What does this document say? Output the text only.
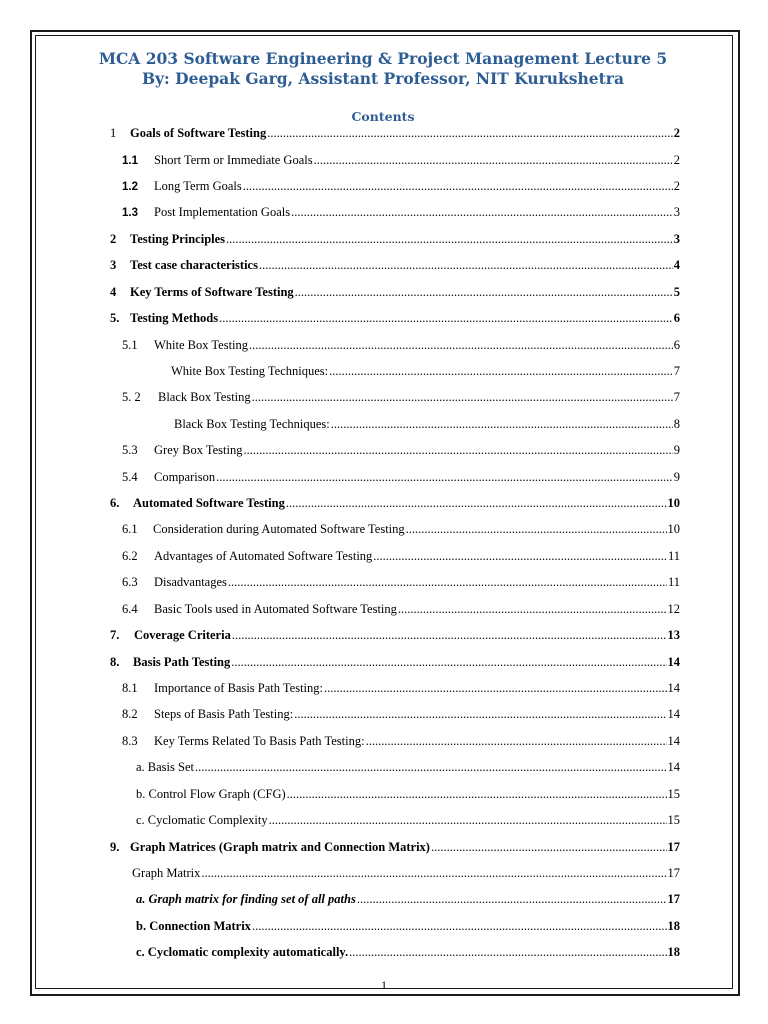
MCA 203 Software Engineering & Project Management Lecture 5
By: Deepak Garg, Assistant Professor, NIT Kurukshetra
Contents
1	Goals of Software Testing .....	2
1.1	Short Term or Immediate Goals .....	2
1.2	Long Term Goals .....	2
1.3	Post Implementation Goals .....	3
2	Testing Principles .....	3
3	Test case characteristics .....	4
4	Key Terms of Software Testing .....	5
5. Testing Methods .....	6
5.1	White Box Testing .....	6
White Box Testing Techniques: .....	7
5. 2	Black Box Testing .....	7
Black Box Testing Techniques: .....	8
5.3	Grey Box Testing .....	9
5.4	Comparison .....	9
6.	Automated Software Testing .....	10
6.1	Consideration during Automated Software Testing .....	10
6.2	Advantages of Automated Software Testing .....	11
6.3	Disadvantages .....	11
6.4	Basic Tools used in Automated Software Testing .....	12
7.	Coverage Criteria .....	13
8.	Basis Path Testing .....	14
8.1	Importance of Basis Path Testing: .....	14
8.2	Steps of Basis Path Testing: .....	14
8.3	Key Terms Related To Basis Path Testing: .....	14
a. Basis Set .....	14
b. Control Flow Graph (CFG) .....	15
c. Cyclomatic Complexity .....	15
9. Graph Matrices (Graph matrix and Connection Matrix) .....	17
Graph Matrix .....	17
a. Graph matrix for finding set of all paths .....	17
b. Connection Matrix .....	18
c. Cyclomatic complexity automatically. .....	18
1
